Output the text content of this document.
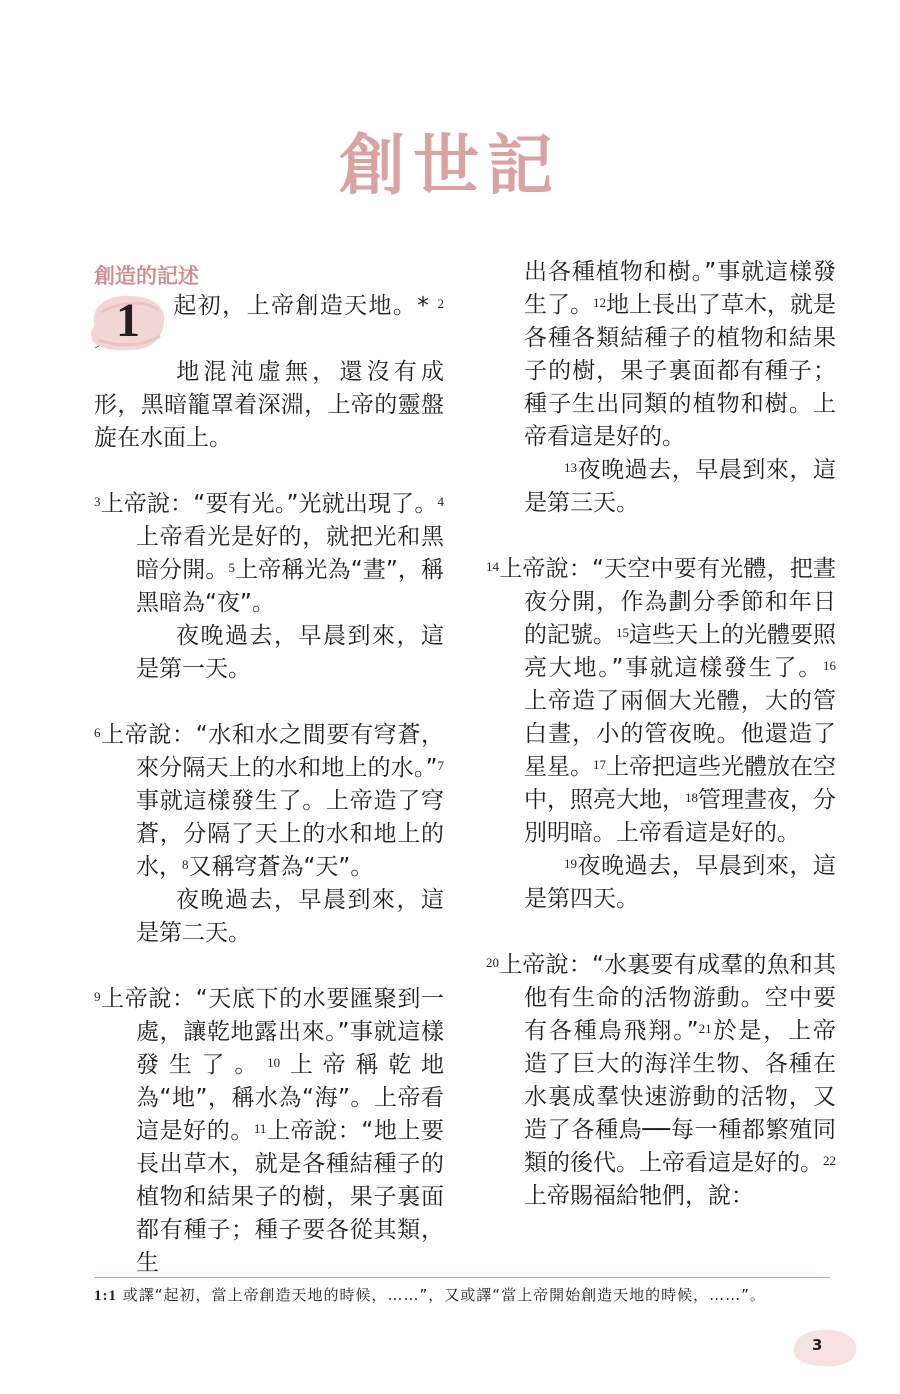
創世記
創造的記述
1	起初，上帝創造天地。* $^2$
地混沌虛無，還沒有成形，黑暗籠罩着深淵，上帝的靈盤旋在水面上。

$^3$上帝說：“要有光。”光就出現了。$^4$上帝看光是好的，就把光和黑暗分開。$^5$上帝稱光為“晝”，稱黑暗為“夜”。

夜晚過去，早晨到來，這是第一天。

$^6$上帝說：“水和水之間要有穹蒼，來分隔天上的水和地上的水。”$^7$事就這樣發生了。上帝造了穹蒼，分隔了天上的水和地上的水，$^8$又稱穹蒼為“天”。

夜晚過去，早晨到來，這是第二天。

$^9$上帝說：“天底下的水要匯聚到一處，讓乾地露出來。”事就這樣發生了。$^{10}$上帝稱乾地為“地”，稱水為“海”。上帝看這是好的。$^{11}$上帝說：“地上要長出草木，就是各種結種子的植物和結果子的樹，果子裏面都有種子；種子要各從其類，生

出各種植物和樹。”事就這樣發生了。$^{12}$地上長出了草木，就是各種各類結種子的植物和結果子的樹，果子裏面都有種子；種子生出同類的植物和樹。上帝看這是好的。

$^{13}$夜晚過去，早晨到來，這是第三天。

$^{14}$上帝說：“天空中要有光體，把晝夜分開，作為劃分季節和年日的記號。$^{15}$這些天上的光體要照亮大地。”事就這樣發生了。$^{16}$上帝造了兩個大光體，大的管白晝，小的管夜晚。他還造了星星。$^{17}$上帝把這些光體放在空中，照亮大地，$^{18}$管理晝夜，分別明暗。上帝看這是好的。

$^{19}$夜晚過去，早晨到來，這是第四天。

$^{20}$上帝說：“水裏要有成羣的魚和其他有生命的活物游動。空中要有各種鳥飛翔。”$^{21}$於是，上帝造了巨大的海洋生物、各種在水裏成羣快速游動的活物，又造了各種鳥──每一種都繁殖同類的後代。上帝看這是好的。$^{22}$上帝賜福給牠們，說：

1:1 或譯“起初，當上帝創造天地的時候，……”，又或譯“當上帝開始創造天地的時候，……”。
3
